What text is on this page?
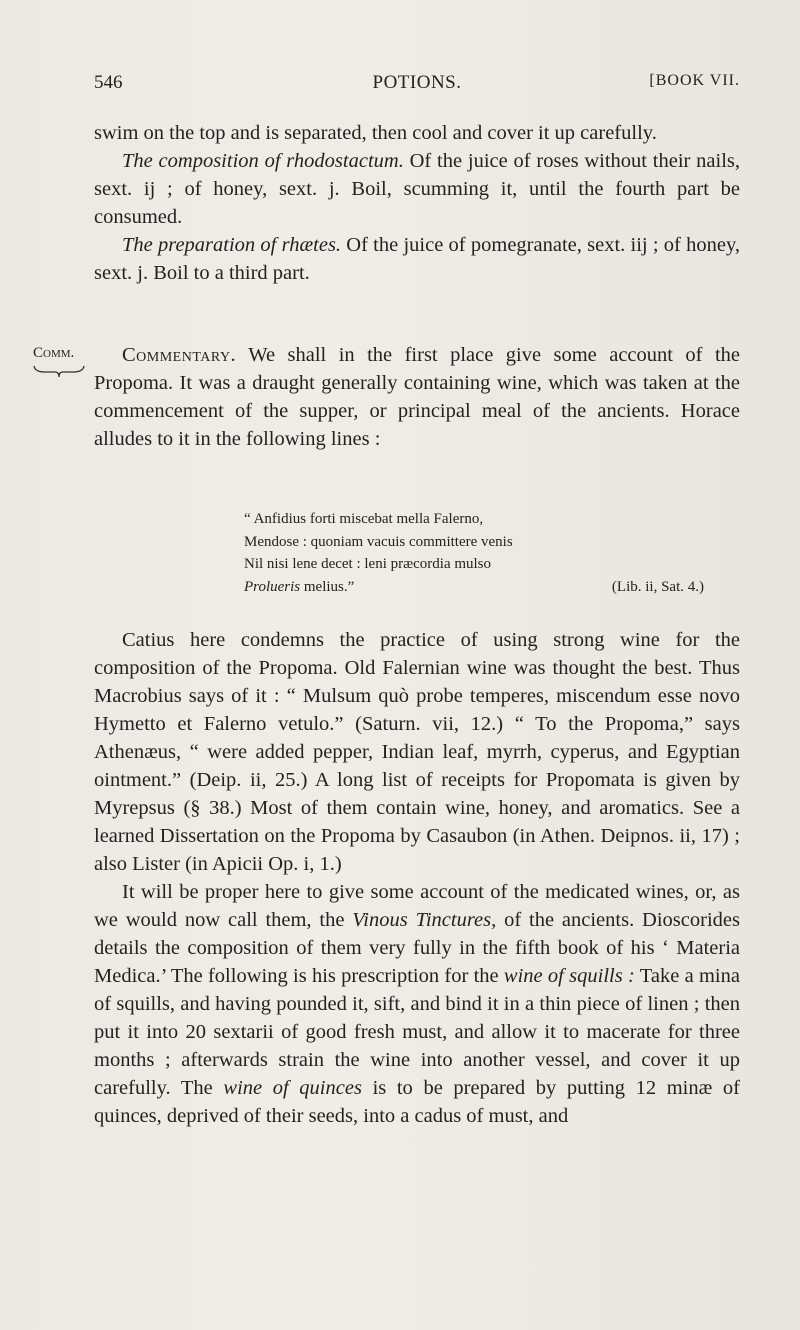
546	POTIONS.	[BOOK VII.
Comm.

swim on the top and is separated, then cool and cover it up carefully.

The composition of rhodostactum. Of the juice of roses without their nails, sext. ij ; of honey, sext. j. Boil, scumming it, until the fourth part be consumed.

The preparation of rhætes. Of the juice of pomegranate, sext. iij ; of honey, sext. j. Boil to a third part.

Commentary. We shall in the first place give some account of the Propoma. It was a draught generally containing wine, which was taken at the commencement of the supper, or principal meal of the ancients. Horace alludes to it in the following lines :

“ Anfidius forti miscebat mella Falerno,
Mendose : quoniam vacuis committere venis
Nil nisi lene decet : leni præcordia mulso
Prolueris melius.”	(Lib. ii, Sat. 4.)

Catius here condemns the practice of using strong wine for the composition of the Propoma. Old Falernian wine was thought the best. Thus Macrobius says of it : “ Mulsum quò probe temperes, miscendum esse novo Hymetto et Falerno vetulo.” (Saturn. vii, 12.) “ To the Propoma,” says Athenæus, “ were added pepper, Indian leaf, myrrh, cyperus, and Egyptian ointment.” (Deip. ii, 25.) A long list of receipts for Propomata is given by Myrepsus (§ 38.) Most of them contain wine, honey, and aromatics. See a learned Dissertation on the Propoma by Casaubon (in Athen. Deipnos. ii, 17) ; also Lister (in Apicii Op. i, 1.)

It will be proper here to give some account of the medicated wines, or, as we would now call them, the Vinous Tinctures, of the ancients. Dioscorides details the composition of them very fully in the fifth book of his ‘ Materia Medica.’ The following is his prescription for the wine of squills : Take a mina of squills, and having pounded it, sift, and bind it in a thin piece of linen ; then put it into 20 sextarii of good fresh must, and allow it to macerate for three months ; afterwards strain the wine into another vessel, and cover it up carefully. The wine of quinces is to be prepared by putting 12 minæ of quinces, deprived of their seeds, into a cadus of must, and
